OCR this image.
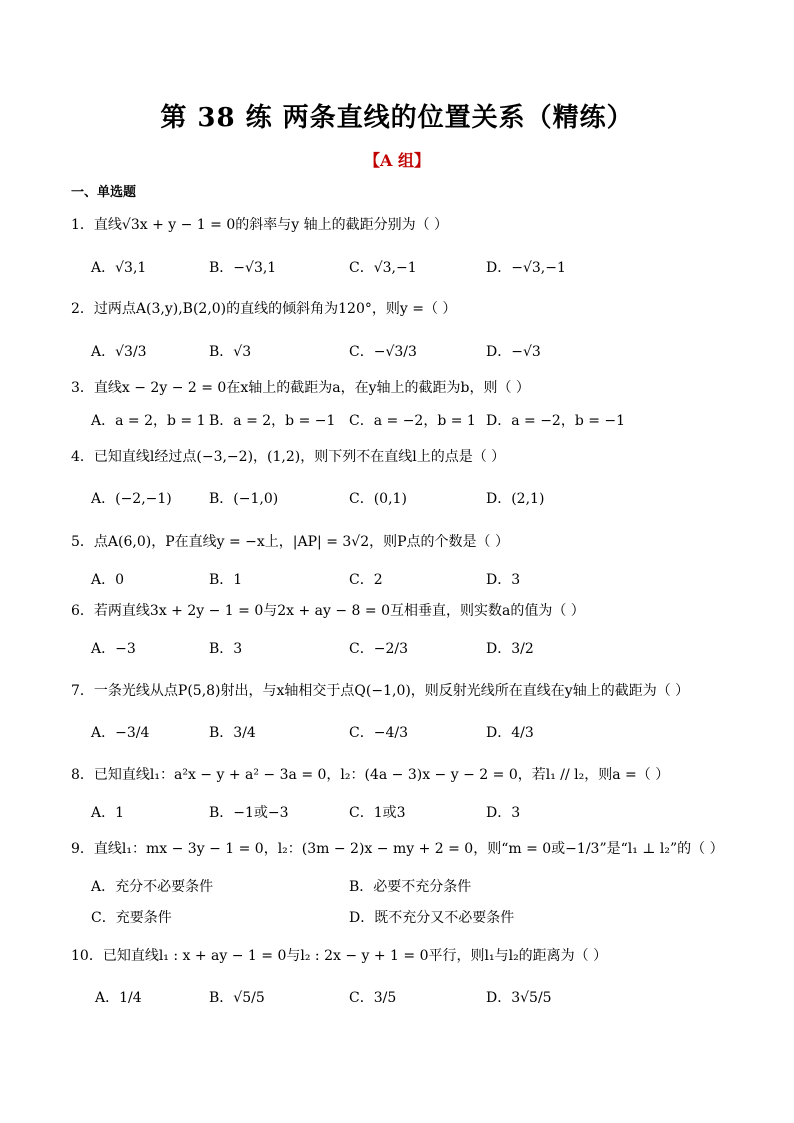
第 38 练 两条直线的位置关系（精练）
【A 组】
一、单选题
1．直线√3x + y − 1 = 0的斜率与y 轴上的截距分别为（ ）
A．√3,1	B．−√3,1	C．√3,−1	D．−√3,−1
2．过两点A(3,y),B(2,0)的直线的倾斜角为120°，则y =（ ）
A．√3/3	B．√3	C．−√3/3	D．−√3
3．直线x − 2y − 2 = 0在x轴上的截距为a，在y轴上的截距为b，则（ ）
A．a = 2，b = 1 B．a = 2，b = −1 C．a = −2，b = 1 D．a = −2，b = −1
4．已知直线l经过点(−3,−2)，(1,2)，则下列不在直线l上的点是（ ）
A．(−2,−1)	B．(−1,0)	C．(0,1)	D．(2,1)
5．点A(6,0)，P在直线y = −x上，|AP| = 3√2，则P点的个数是（ ）
A．0	B．1	C．2	D．3
6．若两直线3x + 2y − 1 = 0与2x + ay − 8 = 0互相垂直，则实数a的值为（ ）
A．−3	B．3	C．−2/3	D．3/2
7．一条光线从点P(5,8)射出，与x轴相交于点Q(−1,0)，则反射光线所在直线在y轴上的截距为（ ）
A．−3/4	B．3/4	C．−4/3	D．4/3
8．已知直线l₁：a²x − y + a² − 3a = 0，l₂：(4a − 3)x − y − 2 = 0，若l₁ // l₂，则a =（ ）
A．1	B．−1或−3	C．1或3	D．3
9．直线l₁：mx − 3y − 1 = 0，l₂：(3m − 2)x − my + 2 = 0，则“m = 0或−1/3”是“l₁ ⊥ l₂”的（ ）
A．充分不必要条件	B．必要不充分条件
C．充要条件	D．既不充分又不必要条件
10．已知直线l₁ : x + ay − 1 = 0与l₂ : 2x − y + 1 = 0平行，则l₁与l₂的距离为（ ）
A．1/4	B．√5/5	C．3/5	D．3√5/5
